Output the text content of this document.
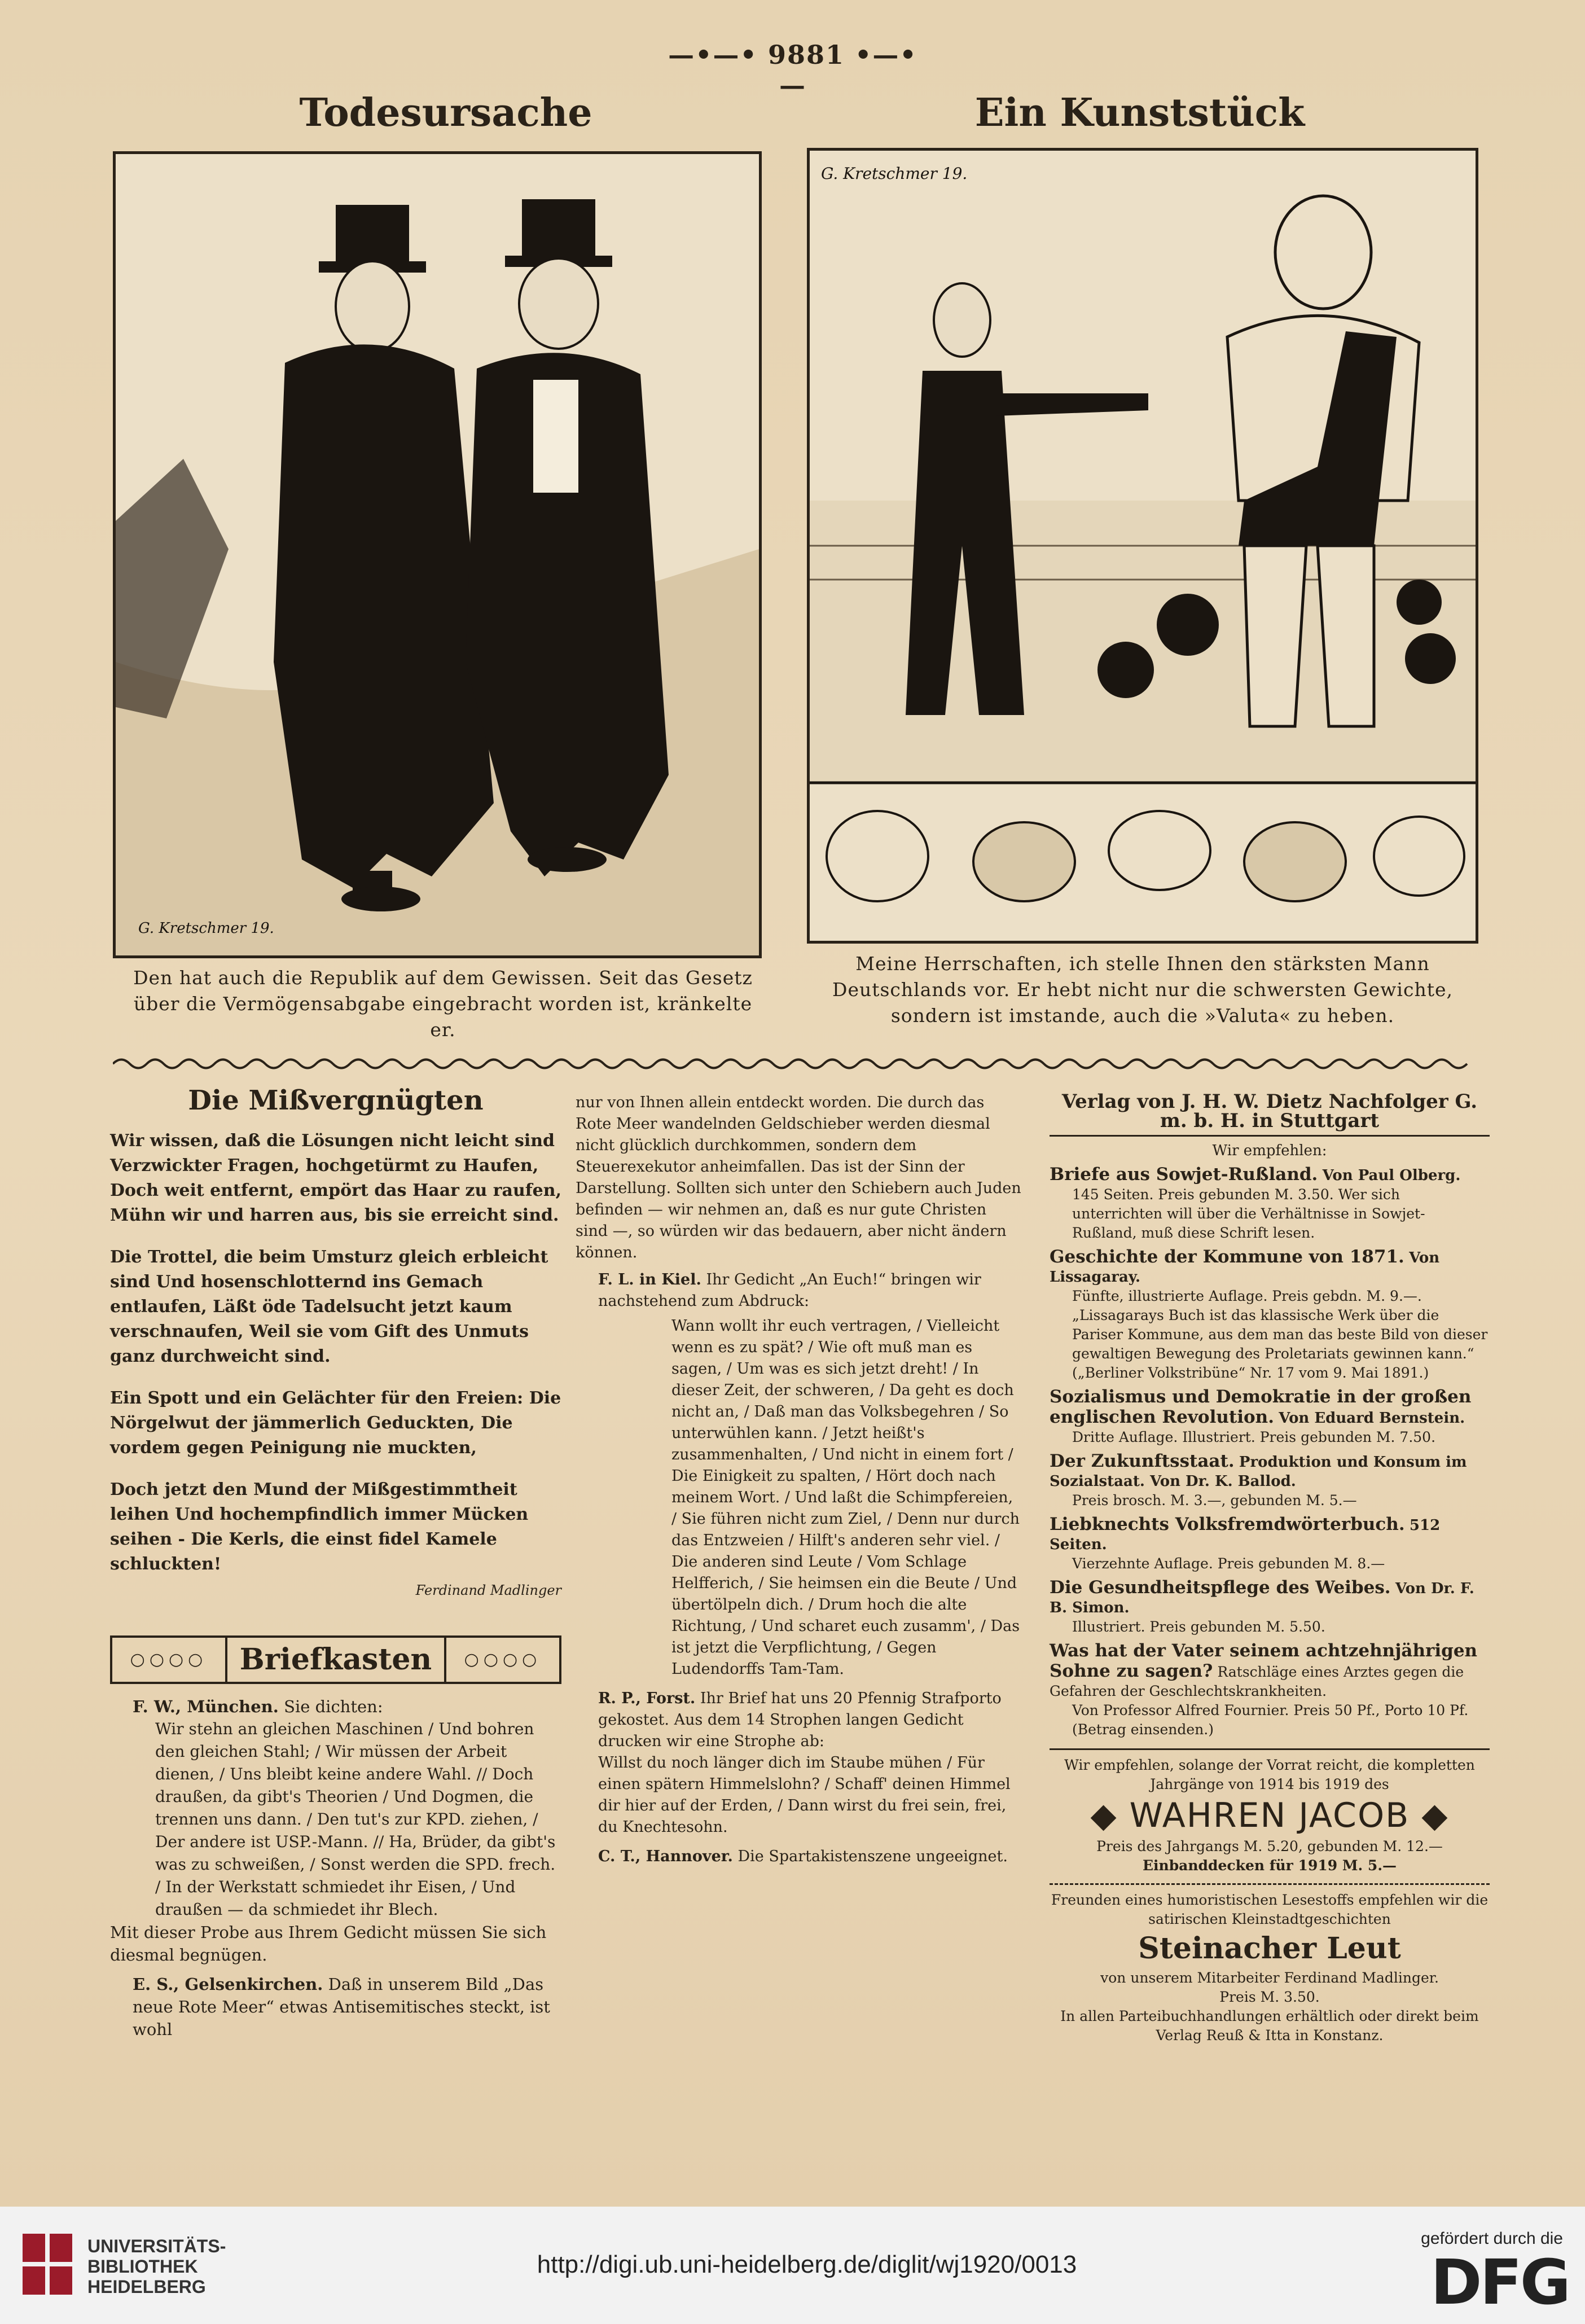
—•—• 9881 •—•—
Todesursache
G. Kretschmer 19.
Den hat auch die Republik auf dem Gewissen. Seit das Gesetz über die Vermögensabgabe eingebracht worden ist, kränkelte er.
Ein Kunststück
G. Kretschmer 19.
Meine Herrschaften, ich stelle Ihnen den stärksten Mann Deutschlands vor. Er hebt nicht nur die schwersten Gewichte, sondern ist imstande, auch die »Valuta« zu heben.
Die Mißvergnügten
Wir wissen, daß die Lösungen nicht leicht sind Verzwickter Fragen, hochgetürmt zu Haufen, Doch weit entfernt, empört das Haar zu raufen, Mühn wir und harren aus, bis sie erreicht sind.
Die Trottel, die beim Umsturz gleich erbleicht sind Und hosenschlotternd ins Gemach entlaufen, Läßt öde Tadelsucht jetzt kaum verschnaufen, Weil sie vom Gift des Unmuts ganz durchweicht sind.
Ein Spott und ein Gelächter für den Freien: Die Nörgelwut der jämmerlich Geduckten, Die vordem gegen Peinigung nie muckten,
Doch jetzt den Mund der Mißgestimmtheit leihen Und hochempfindlich immer Mücken seihen - Die Kerls, die einst fidel Kamele schluckten!
Ferdinand Madlinger
○○○○	Briefkasten	○○○○
F. W., München. Sie dichten:
Wir stehn an gleichen Maschinen / Und bohren den gleichen Stahl; / Wir müssen der Arbeit dienen, / Uns bleibt keine andere Wahl. // Doch draußen, da gibt's Theorien / Und Dogmen, die trennen uns dann. / Den tut's zur KPD. ziehen, / Der andere ist USP.-Mann. // Ha, Brüder, da gibt's was zu schweißen, / Sonst werden die SPD. frech. / In der Werkstatt schmiedet ihr Eisen, / Und draußen — da schmiedet ihr Blech.
Mit dieser Probe aus Ihrem Gedicht müssen Sie sich diesmal begnügen.
E. S., Gelsenkirchen. Daß in unserem Bild „Das neue Rote Meer“ etwas Antisemitisches steckt, ist wohl
nur von Ihnen allein entdeckt worden. Die durch das Rote Meer wandelnden Geldschieber werden diesmal nicht glücklich durchkommen, sondern dem Steuerexekutor anheimfallen. Das ist der Sinn der Darstellung. Sollten sich unter den Schiebern auch Juden befinden — wir nehmen an, daß es nur gute Christen sind —, so würden wir das bedauern, aber nicht ändern können.
F. L. in Kiel. Ihr Gedicht „An Euch!“ bringen wir nachstehend zum Abdruck:
Wann wollt ihr euch vertragen, / Vielleicht wenn es zu spät? / Wie oft muß man es sagen, / Um was es sich jetzt dreht! / In dieser Zeit, der schweren, / Da geht es doch nicht an, / Daß man das Volksbegehren / So unterwühlen kann. / Jetzt heißt's zusammenhalten, / Und nicht in einem fort / Die Einigkeit zu spalten, / Hört doch nach meinem Wort. / Und laßt die Schimpfereien, / Sie führen nicht zum Ziel, / Denn nur durch das Entzweien / Hilft's anderen sehr viel. / Die anderen sind Leute / Vom Schlage Helfferich, / Sie heimsen ein die Beute / Und übertölpeln dich. / Drum hoch die alte Richtung, / Und scharet euch zusamm', / Das ist jetzt die Verpflichtung, / Gegen Ludendorffs Tam-Tam.
R. P., Forst. Ihr Brief hat uns 20 Pfennig Strafporto gekostet. Aus dem 14 Strophen langen Gedicht drucken wir eine Strophe ab:
Willst du noch länger dich im Staube mühen / Für einen spätern Himmelslohn? / Schaff' deinen Himmel dir hier auf der Erden, / Dann wirst du frei sein, frei, du Knechtesohn.
C. T., Hannover. Die Spartakistenszene ungeeignet.
Verlag von J. H. W. Dietz Nachfolger G. m. b. H. in Stuttgart
Wir empfehlen:
Briefe aus Sowjet-Rußland. Von Paul Olberg.
145 Seiten. Preis gebunden M. 3.50. Wer sich unterrichten will über die Verhältnisse in Sowjet-Rußland, muß diese Schrift lesen.
Geschichte der Kommune von 1871. Von Lissagaray.
Fünfte, illustrierte Auflage. Preis gebdn. M. 9.—. „Lissagarays Buch ist das klassische Werk über die Pariser Kommune, aus dem man das beste Bild von dieser gewaltigen Bewegung des Proletariats gewinnen kann.“ („Berliner Volkstribüne“ Nr. 17 vom 9. Mai 1891.)
Sozialismus und Demokratie in der großen englischen Revolution. Von Eduard Bernstein.
Dritte Auflage. Illustriert. Preis gebunden M. 7.50.
Der Zukunftsstaat. Produktion und Konsum im Sozialstaat. Von Dr. K. Ballod.
Preis brosch. M. 3.—, gebunden M. 5.—
Liebknechts Volksfremdwörterbuch. 512 Seiten.
Vierzehnte Auflage. Preis gebunden M. 8.—
Die Gesundheitspflege des Weibes. Von Dr. F. B. Simon.
Illustriert. Preis gebunden M. 5.50.
Was hat der Vater seinem achtzehnjährigen Sohne zu sagen? Ratschläge eines Arztes gegen die Gefahren der Geschlechtskrankheiten.
Von Professor Alfred Fournier. Preis 50 Pf., Porto 10 Pf. (Betrag einsenden.)
Wir empfehlen, solange der Vorrat reicht, die kompletten Jahrgänge von 1914 bis 1919 des
◆ WAHREN JACOB ◆
Preis des Jahrgangs M. 5.20, gebunden M. 12.—
Einbanddecken für 1919 M. 5.—
Freunden eines humoristischen Lesestoffs empfehlen wir die satirischen Kleinstadtgeschichten
Steinacher Leut
von unserem Mitarbeiter Ferdinand Madlinger.
Preis M. 3.50.
In allen Parteibuchhandlungen erhältlich oder direkt beim Verlag Reuß & Itta in Konstanz.
UNIVERSITÄTS-
BIBLIOTHEK
HEIDELBERG
http://digi.ub.uni-heidelberg.de/diglit/wj1920/0013
gefördert durch die
DFG
